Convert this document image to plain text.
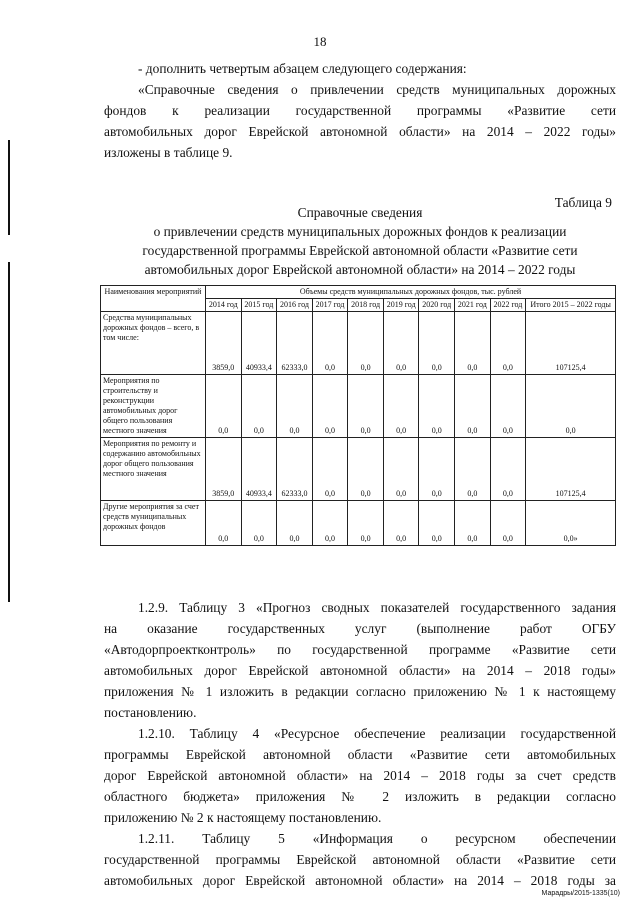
18
- дополнить четвертым абзацем следующего содержания:
«Справочные сведения о привлечении средств муниципальных дорожных
фондов к реализации государственной программы «Развитие сети
автомобильных дорог Еврейской автономной области» на 2014 – 2022 годы»
изложены в таблице 9.
Таблица 9
Справочные сведения
о привлечении средств муниципальных дорожных фондов к реализации
государственной программы Еврейской автономной области «Развитие сети
автомобильных дорог Еврейской автономной области» на 2014 – 2022 годы
Наименования мероприятий	Объемы средств муниципальных дорожных фондов, тыс. рублей									
	2014 год	2015 год	2016 год	2017 год	2018 год	2019 год	2020 год	2021 год	2022 год	Итого 2015 – 2022 годы
Средства муниципальных дорожных фондов – всего, в том числе:	3859,0	40933,4	62333,0	0,0	0,0	0,0	0,0	0,0	0,0	107125,4
Мероприятия по строительству и реконструкции автомобильных дорог общего пользования местного значения	0,0	0,0	0,0	0,0	0,0	0,0	0,0	0,0	0,0	0,0
Мероприятия по ремонту и содержанию автомобильных дорог общего пользования местного значения	3859,0	40933,4	62333,0	0,0	0,0	0,0	0,0	0,0	0,0	107125,4
Другие мероприятия за счет средств муниципальных дорожных фондов	0,0	0,0	0,0	0,0	0,0	0,0	0,0	0,0	0,0	0,0»
1.2.9. Таблицу 3 «Прогноз сводных показателей государственного задания
на оказание государственных услуг (выполнение работ ОГБУ
«Автодорпроектконтроль» по государственной программе «Развитие сети
автомобильных дорог Еврейской автономной области» на 2014 – 2018 годы»
приложения № 1 изложить в редакции согласно приложению № 1 к настоящему
постановлению.
1.2.10. Таблицу 4 «Ресурсное обеспечение реализации государственной
программы Еврейской автономной области «Развитие сети автомобильных
дорог Еврейской автономной области» на 2014 – 2018 годы за счет средств
областного бюджета» приложения № 2 изложить в редакции согласно
приложению № 2 к настоящему постановлению.
1.2.11. Таблицу 5 «Информация о ресурсном обеспечении
государственной программы Еврейской автономной области «Развитие сети
автомобильных дорог Еврейской автономной области» на 2014 – 2018 годы за
Марадры/2015-1335(10)
